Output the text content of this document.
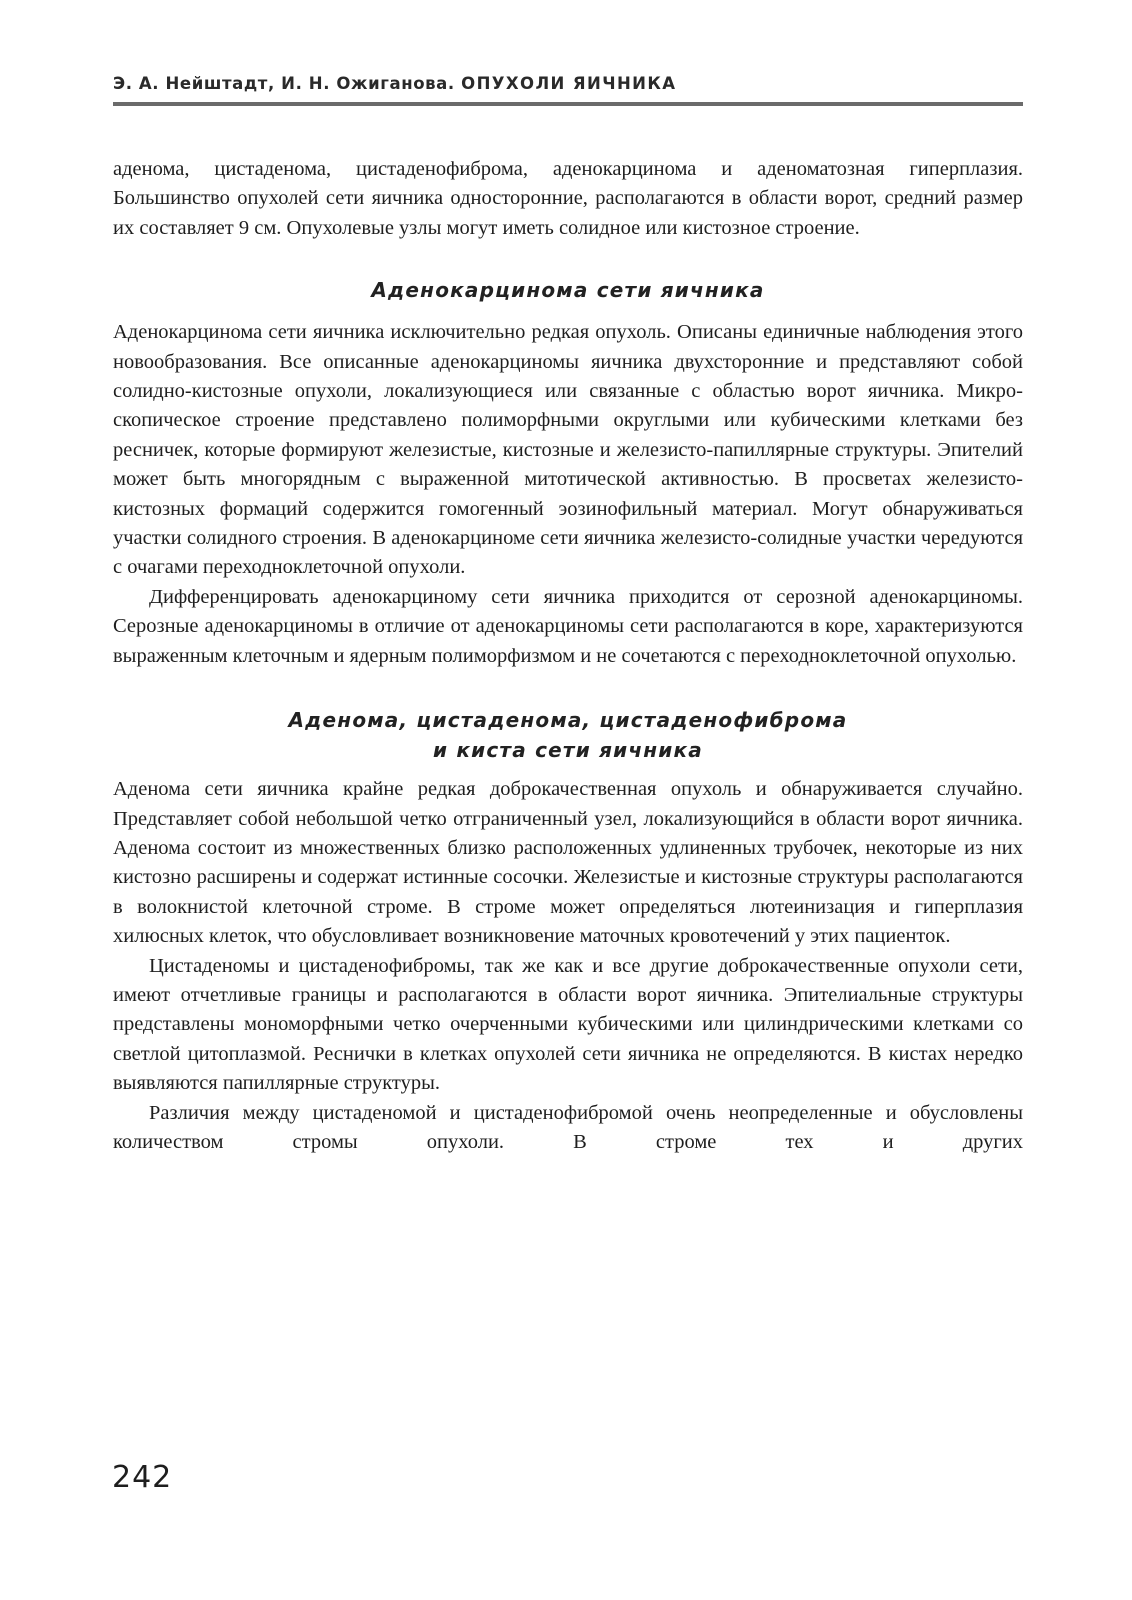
Э. А. Нейштадт, И. Н. Ожиганова. ОПУХОЛИ ЯИЧНИКА

аденома, цистаденома, цистаденофиброма, аденокарцинома и аденоматозная гиперплазия. Большинство опухолей сети яичника односторонние, располагаются в области ворот, средний размер их составляет 9 см. Опухолевые узлы могут иметь солидное или кистозное строение.

Аденокарцинома сети яичника

Аденокарцинома сети яичника исключительно редкая опухоль. Описаны единичные наблюдения этого новообразования. Все описанные аденокарциномы яичника двухсторонние и представляют собой солидно-кистозные опухоли, локализующиеся или связанные с областью ворот яичника. Микроскопическое строение представлено полиморфными округлыми или кубическими клетками без ресничек, которые формируют железистые, кистозные и железисто-папиллярные структуры. Эпителий может быть многорядным с выраженной митотической активностью. В просветах железисто-кистозных формаций содержится гомогенный эозинофильный материал. Могут обнаруживаться участки солидного строения. В аденокарциноме сети яичника железисто-солидные участки чередуются с очагами переходноклеточной опухоли.

Дифференцировать аденокарциному сети яичника приходится от серозной аденокарциномы. Серозные аденокарциномы в отличие от аденокарциномы сети располагаются в коре, характеризуются выраженным клеточным и ядерным полиморфизмом и не сочетаются с переходноклеточной опухолью.

Аденома, цистаденома, цистаденофиброма
и киста сети яичника

Аденома сети яичника крайне редкая доброкачественная опухоль и обнаруживается случайно. Представляет собой небольшой четко отграниченный узел, локализующийся в области ворот яичника. Аденома состоит из множественных близко расположенных удлиненных трубочек, некоторые из них кистозно расширены и содержат истинные сосочки. Железистые и кистозные структуры располагаются в волокнистой клеточной строме. В строме может определяться лютеинизация и гиперплазия хилюсных клеток, что обусловливает возникновение маточных кровотечений у этих пациенток.

Цистаденомы и цистаденофибромы, так же как и все другие доброкачественные опухоли сети, имеют отчетливые границы и располагаются в области ворот яичника. Эпителиальные структуры представлены мономорфными четко очерченными кубическими или цилиндрическими клетками со светлой цитоплазмой. Реснички в клетках опухолей сети яичника не определяются. В кистах нередко выявляются папиллярные структуры.

Различия между цистаденомой и цистаденофибромой очень неопределенные и обусловлены количеством стромы опухоли. В строме тех и других

242
